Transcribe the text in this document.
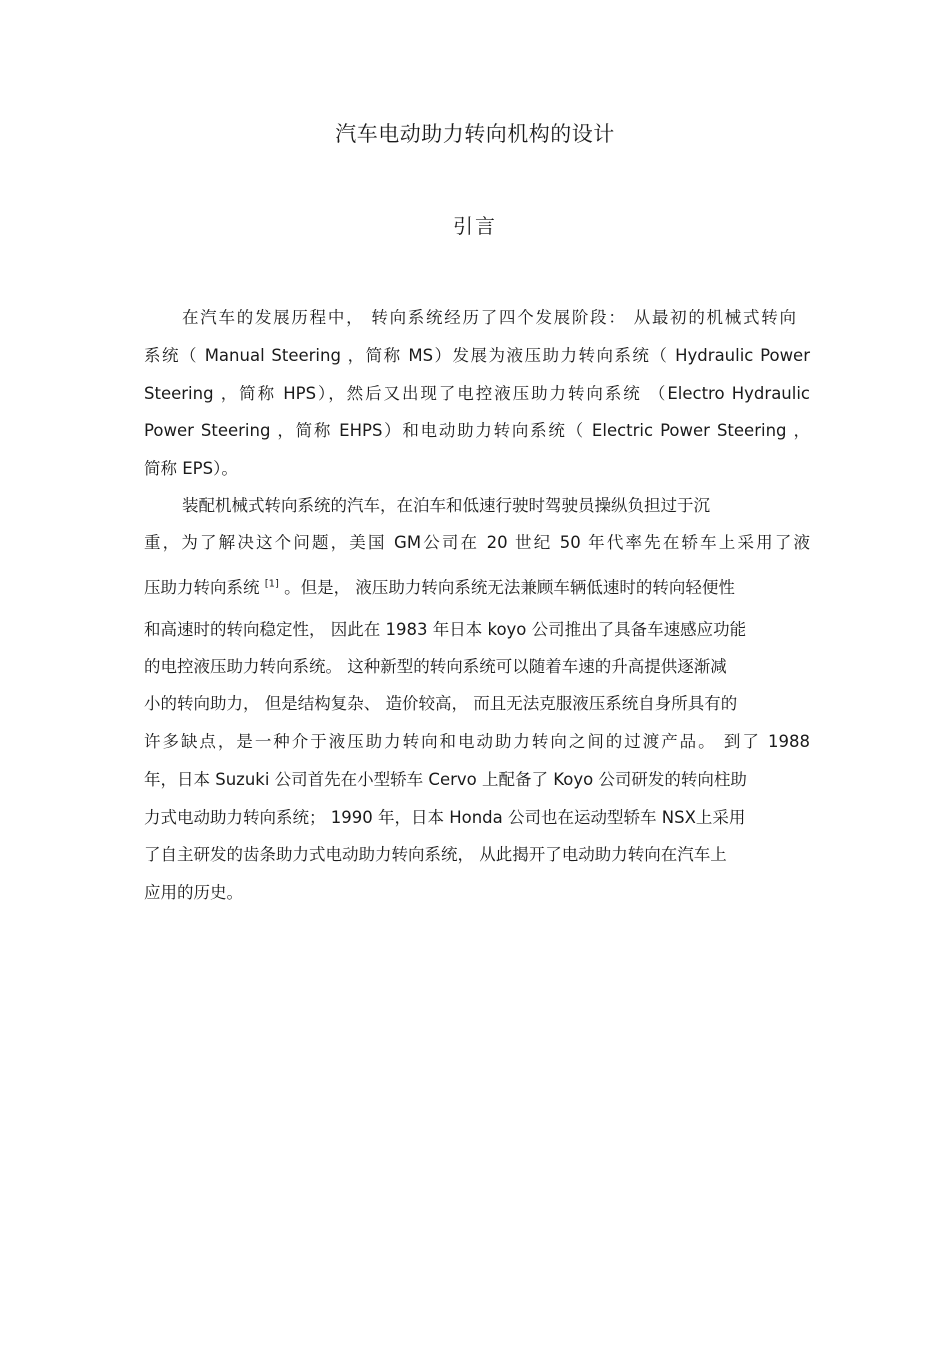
汽车电动助力转向机构的设计
引言

在汽车的发展历程中， 转向系统经历了四个发展阶段： 从最初的机械式转向

系统（ Manual Steering ，简称 MS）发展为液压助力转向系统（ Hydraulic Power

Steering ，简称 HPS），然后又出现了电控液压助力转向系统 （Electro Hydraulic

Power Steering ，简称 EHPS）和电动助力转向系统（ Electric Power Steering ，

简称 EPS）。

装配机械式转向系统的汽车，在泊车和低速行驶时驾驶员操纵负担过于沉

重，为了解决这个问题，美国 GM公司在 20 世纪 50 年代率先在轿车上采用了液

压助力转向系统 [1] 。但是， 液压助力转向系统无法兼顾车辆低速时的转向轻便性

和高速时的转向稳定性， 因此在 1983 年日本 koyo 公司推出了具备车速感应功能

的电控液压助力转向系统。 这种新型的转向系统可以随着车速的升高提供逐渐减

小的转向助力， 但是结构复杂、 造价较高， 而且无法克服液压系统自身所具有的

许多缺点，是一种介于液压助力转向和电动助力转向之间的过渡产品。 到了 1988

年，日本 Suzuki 公司首先在小型轿车 Cervo 上配备了 Koyo 公司研发的转向柱助

力式电动助力转向系统； 1990 年，日本 Honda 公司也在运动型轿车 NSX上采用

了自主研发的齿条助力式电动助力转向系统， 从此揭开了电动助力转向在汽车上

应用的历史。
